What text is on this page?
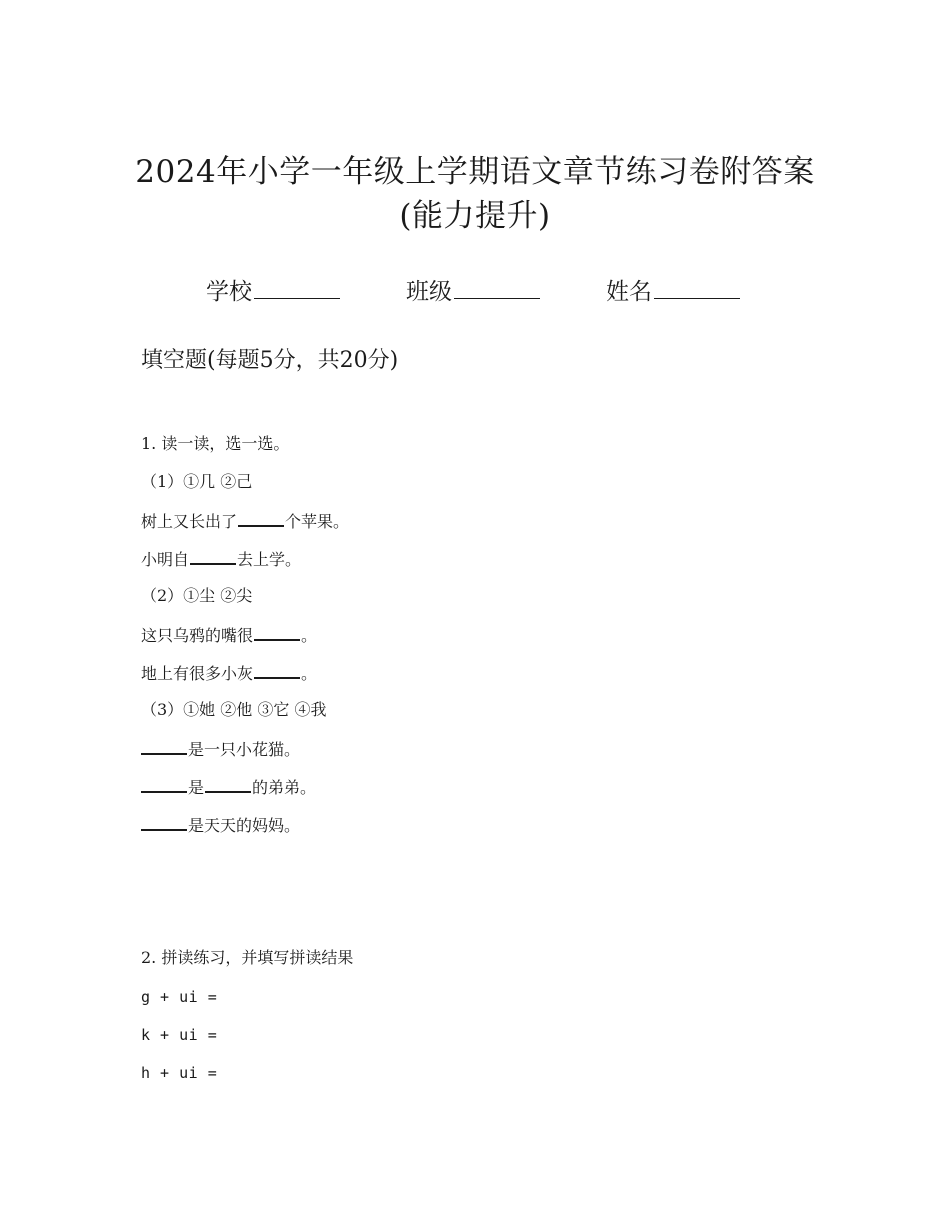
2024年小学一年级上学期语文章节练习卷附答案
(能力提升)
学校	班级	姓名
填空题(每题5分，共20分)
1. 读一读，选一选。
（1）①几 ②己
树上又长出了	个苹果。
小明自	去上学。
（2）①尘 ②尖
这只乌鸦的嘴很	。
地上有很多小灰	。
（3）①她 ②他 ③它 ④我
是一只小花猫。
是	的弟弟。
是天天的妈妈。
2. 拼读练习，并填写拼读结果
g + ui =
k + ui =
h + ui =
